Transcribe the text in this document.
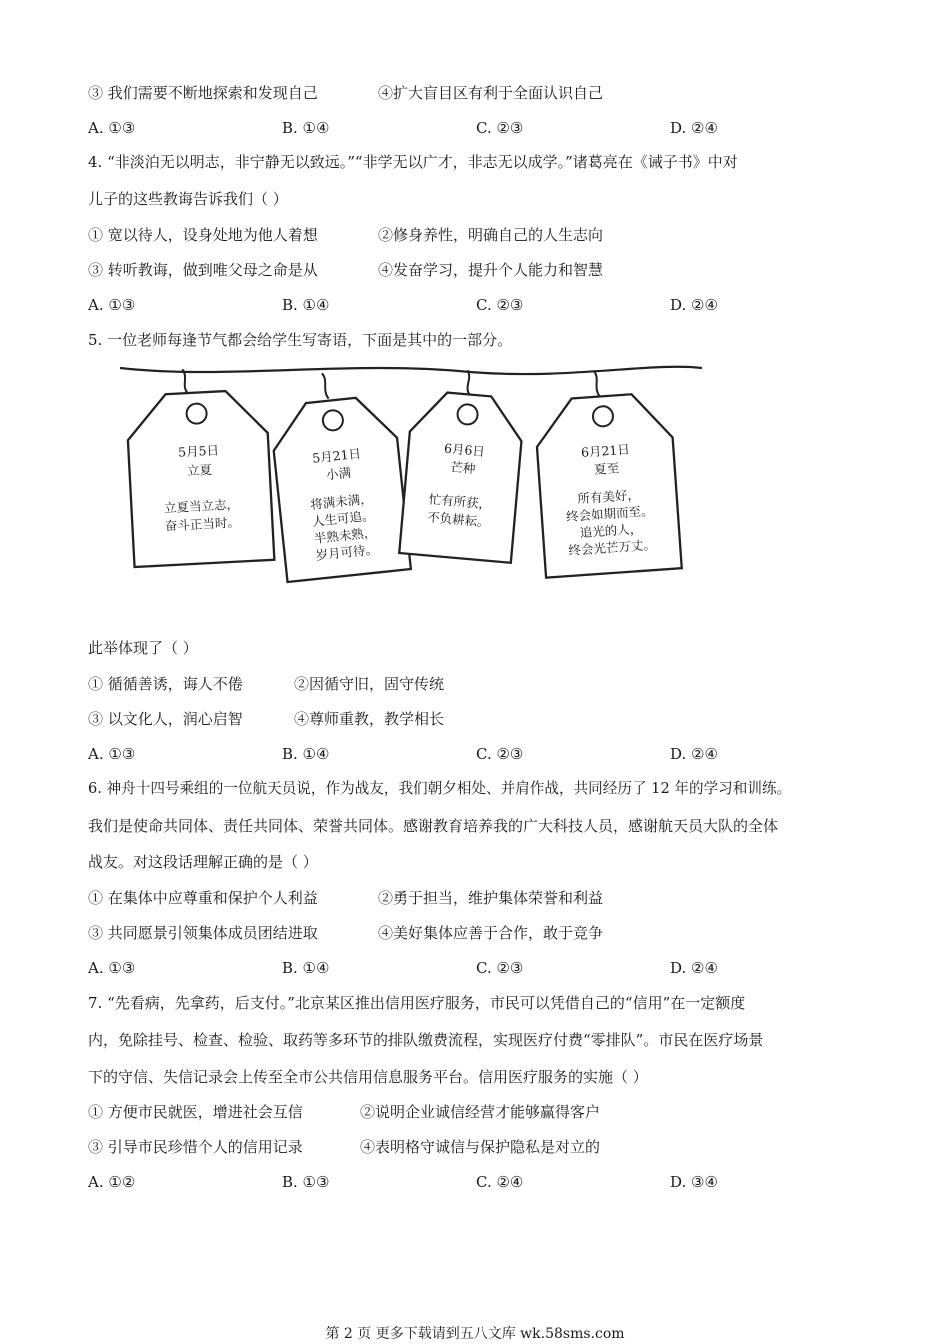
③ 我们需要不断地探索和发现自己	④扩大盲目区有利于全面认识自己
A. ①③	B. ①④	C. ②③	D. ②④
4. “非淡泊无以明志，非宁静无以致远。”“非学无以广才，非志无以成学。”诸葛亮在《诫子书》中对
儿子的这些教诲告诉我们（ ）
① 宽以待人，设身处地为他人着想	②修身养性，明确自己的人生志向
③ 转听教诲，做到唯父母之命是从	④发奋学习，提升个人能力和智慧
A. ①③	B. ①④	C. ②③	D. ②④
5. 一位老师每逢节气都会给学生写寄语，下面是其中的一部分。
5月5日
立夏
立夏当立志，
奋斗正当时。
5月21日
小满
将满未满，
人生可追。
半熟未熟，
岁月可待。
6月6日
芒种
忙有所获，
不负耕耘。
6月21日
夏至
所有美好，
终会如期而至。
追光的人，
终会光芒万丈。
此举体现了（ ）
① 循循善诱，诲人不倦	②因循守旧，固守传统
③ 以文化人，润心启智	④尊师重教，教学相长
A. ①③	B. ①④	C. ②③	D. ②④
6. 神舟十四号乘组的一位航天员说，作为战友，我们朝夕相处、并肩作战，共同经历了 12 年的学习和训练。
我们是使命共同体、责任共同体、荣誉共同体。感谢教育培养我的广大科技人员，感谢航天员大队的全体
战友。对这段话理解正确的是（ ）
① 在集体中应尊重和保护个人利益	②勇于担当，维护集体荣誉和利益
③ 共同愿景引领集体成员团结进取	④美好集体应善于合作，敢于竞争
A. ①③	B. ①④	C. ②③	D. ②④
7. “先看病，先拿药，后支付。”北京某区推出信用医疗服务，市民可以凭借自己的“信用”在一定额度
内，免除挂号、检查、检验、取药等多环节的排队缴费流程，实现医疗付费“零排队”。市民在医疗场景
下的守信、失信记录会上传至全市公共信用信息服务平台。信用医疗服务的实施（ ）
① 方便市民就医，增进社会互信	②说明企业诚信经营才能够赢得客户
③ 引导市民珍惜个人的信用记录	④表明格守诚信与保护隐私是对立的
A. ①②	B. ①③	C. ②④	D. ③④
第 2 页 更多下载请到五八文库 wk.58sms.com
